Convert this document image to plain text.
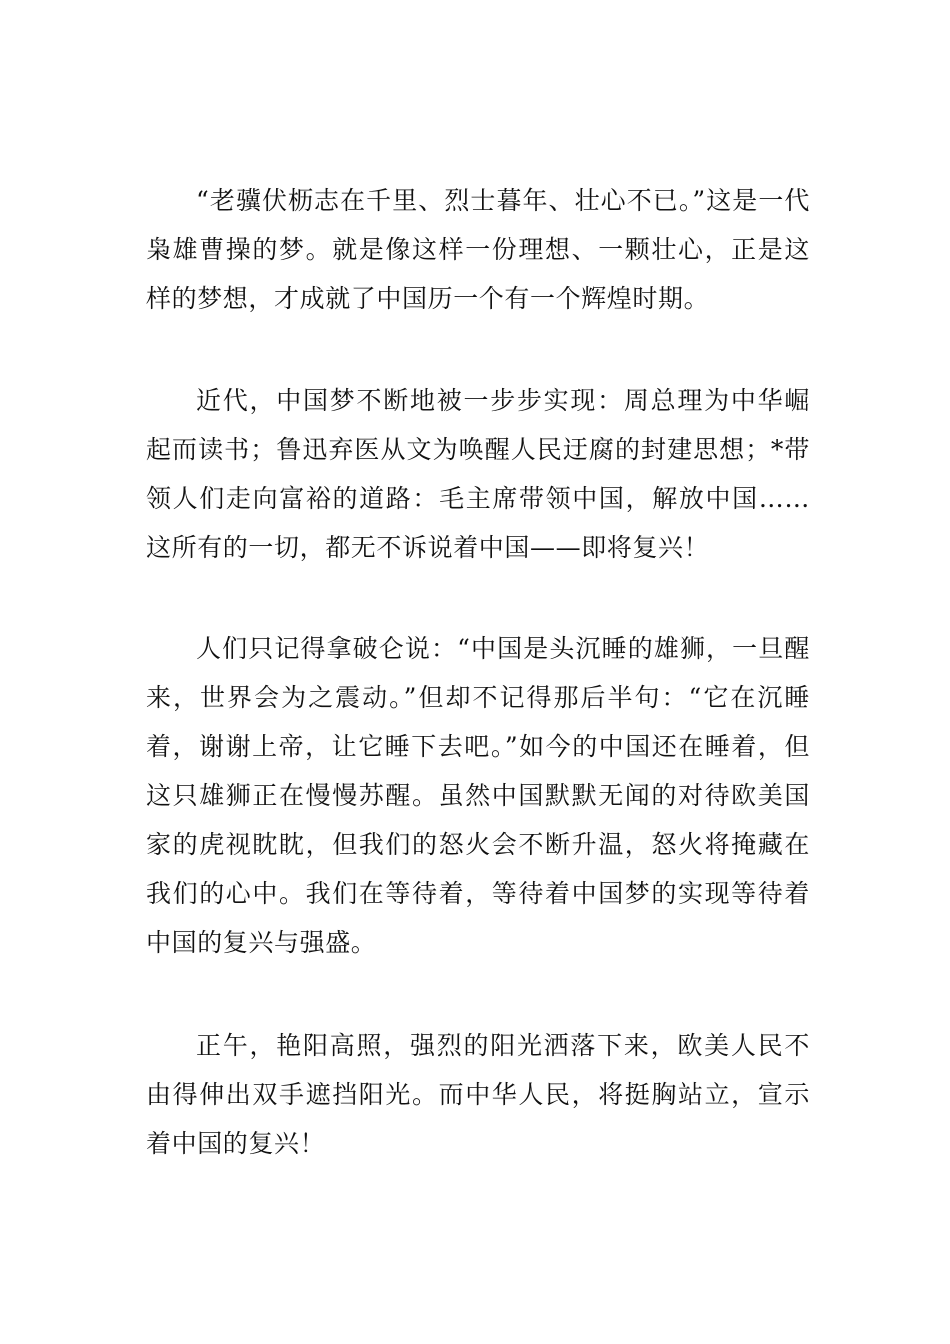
“老骥伏枥志在千里、烈士暮年、壮心不已。”这是一代枭雄曹操的梦。就是像这样一份理想、一颗壮心，正是这样的梦想，才成就了中国历一个有一个辉煌时期。

近代，中国梦不断地被一步步实现：周总理为中华崛起而读书；鲁迅弃医从文为唤醒人民迂腐的封建思想；*带领人们走向富裕的道路：毛主席带领中国，解放中国……这所有的一切，都无不诉说着中国——即将复兴！

人们只记得拿破仑说：“中国是头沉睡的雄狮，一旦醒来，世界会为之震动。”但却不记得那后半句：“它在沉睡着，谢谢上帝，让它睡下去吧。”如今的中国还在睡着，但这只雄狮正在慢慢苏醒。虽然中国默默无闻的对待欧美国家的虎视眈眈，但我们的怒火会不断升温，怒火将掩藏在我们的心中。我们在等待着，等待着中国梦的实现等待着中国的复兴与强盛。

正午，艳阳高照，强烈的阳光洒落下来，欧美人民不由得伸出双手遮挡阳光。而中华人民，将挺胸站立，宣示着中国的复兴！
